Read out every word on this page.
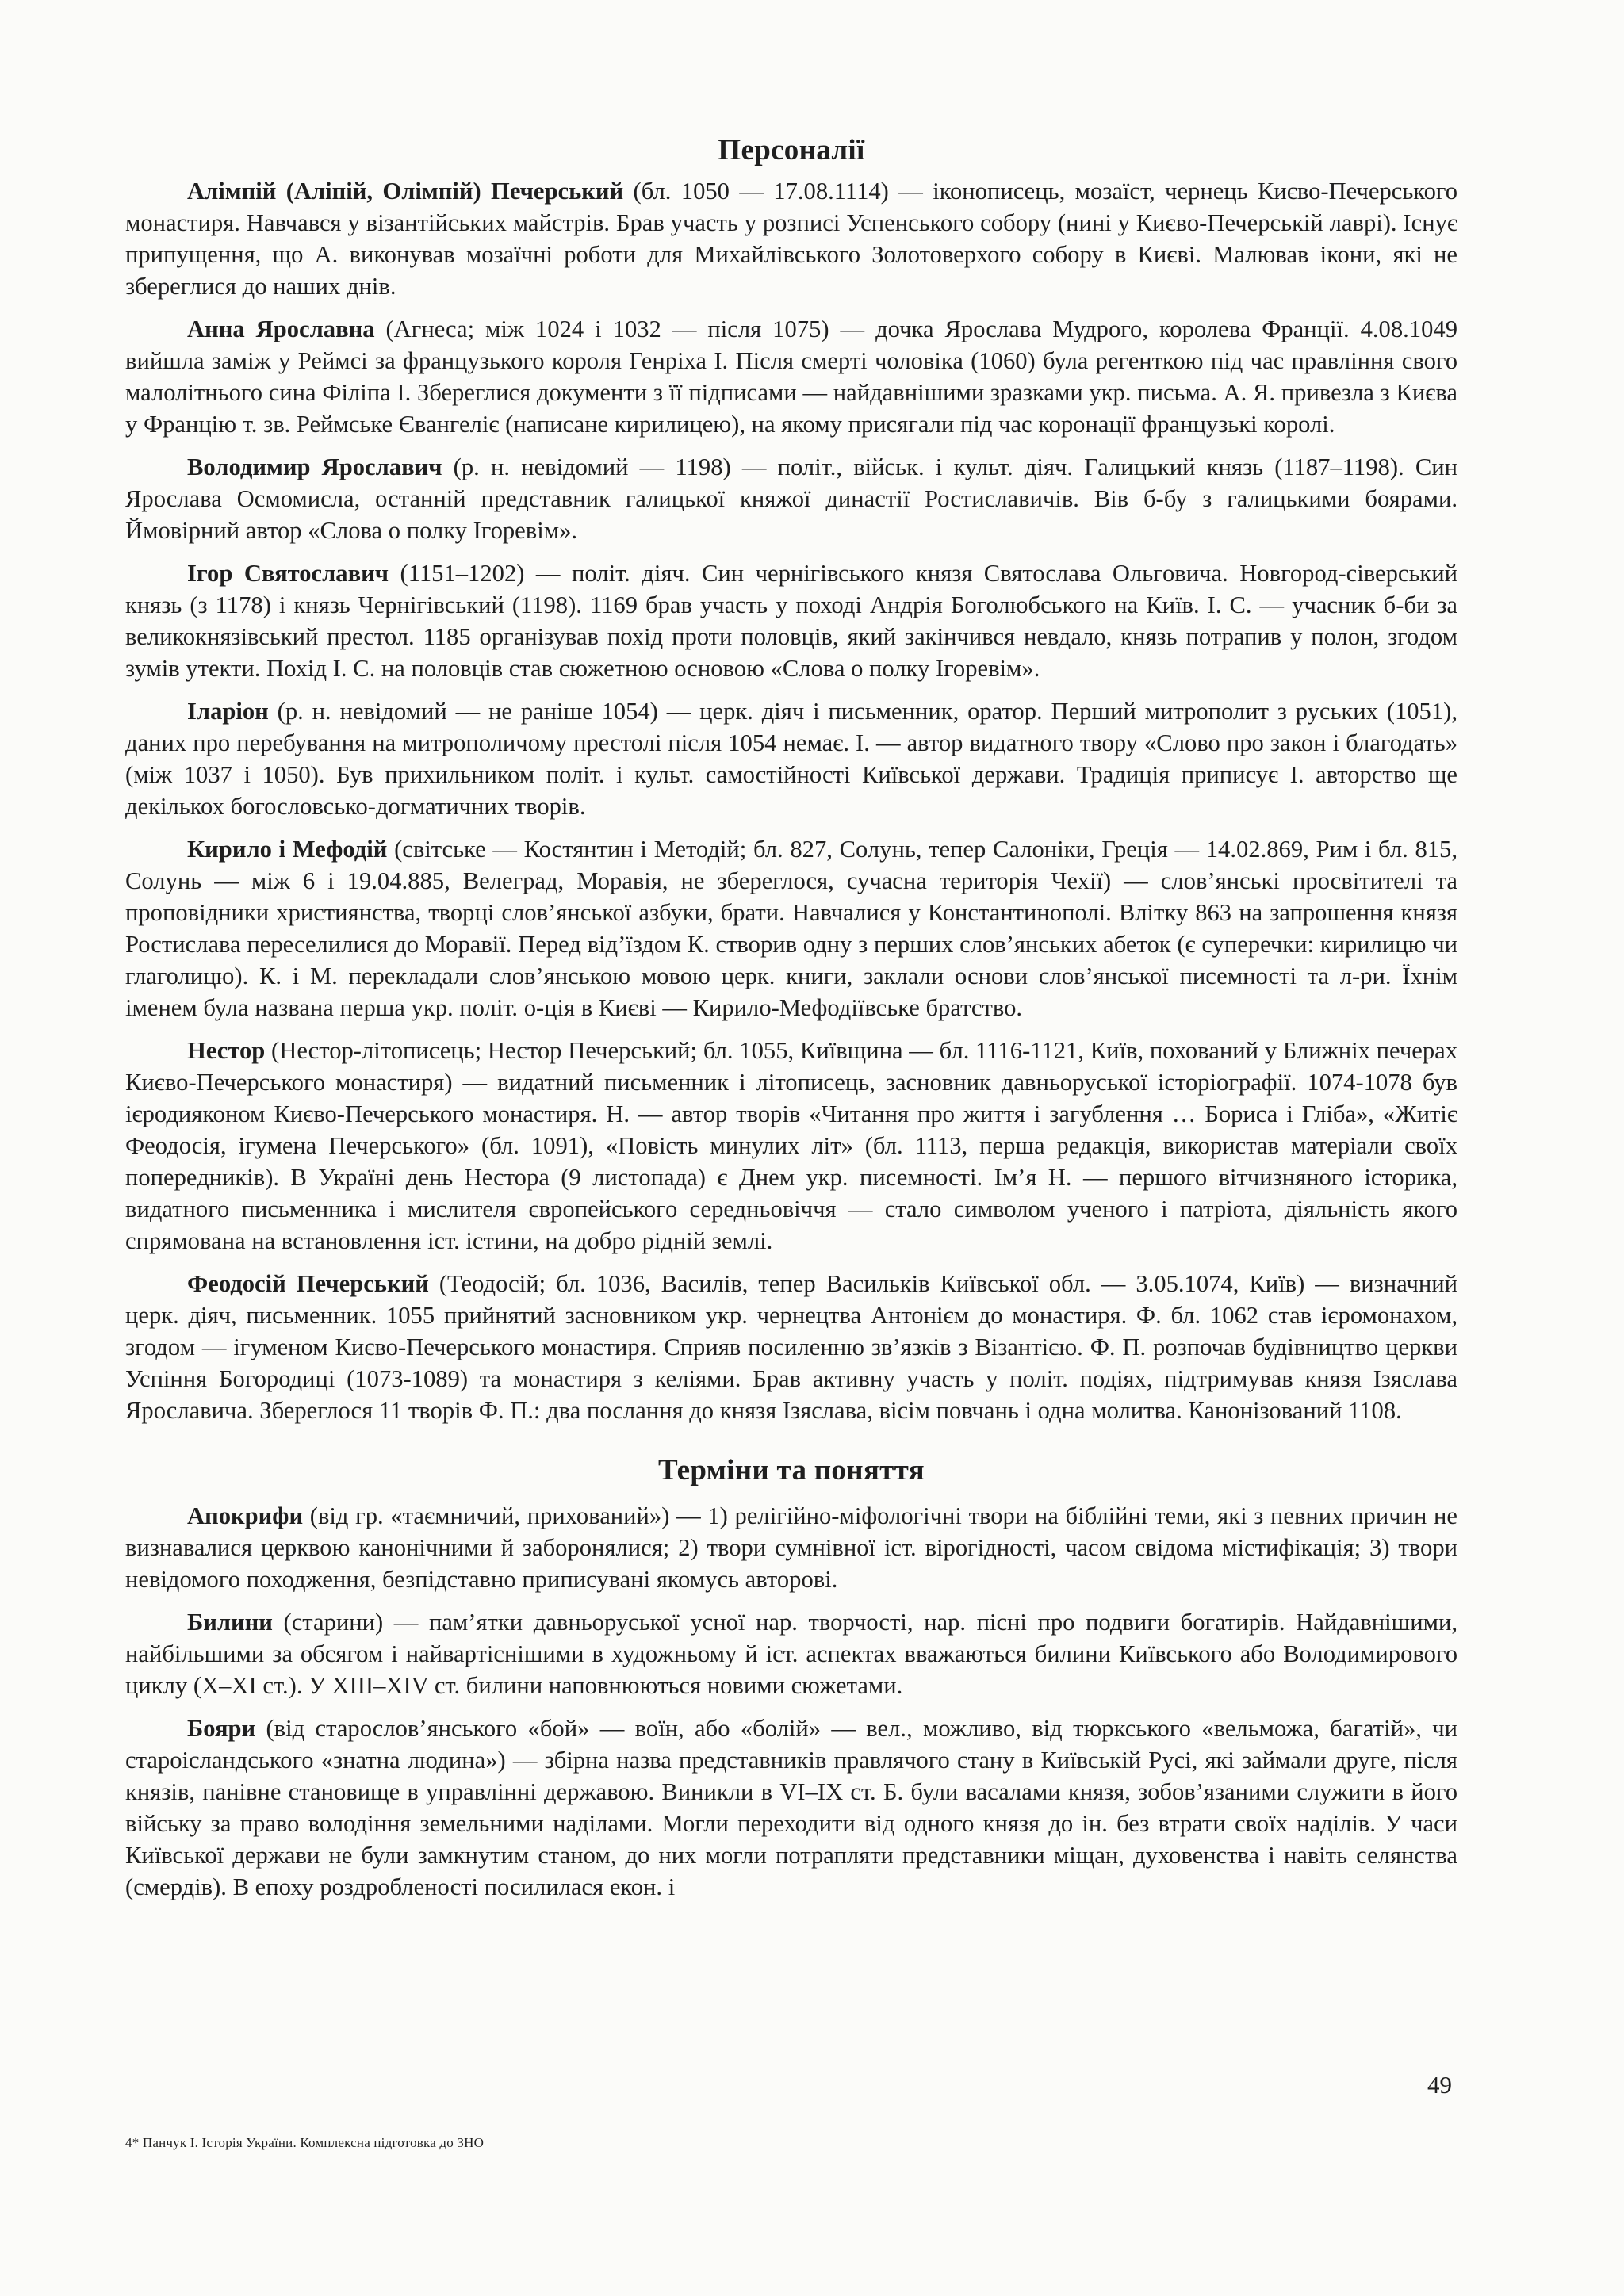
Персоналії

Алімпій (Аліпій, Олімпій) Печерський (бл. 1050 — 17.08.1114) — іконописець, мозаїст, чернець Києво-Печерського монастиря. Навчався у візантійських майстрів. Брав участь у розписі Успенського собору (нині у Києво-Печерській лаврі). Існує припущення, що А. виконував мозаїчні роботи для Михайлівського Золотоверхого собору в Києві. Малював ікони, які не збереглися до наших днів.

Анна Ярославна (Агнеса; між 1024 і 1032 — після 1075) — дочка Ярослава Мудрого, королева Франції. 4.08.1049 вийшла заміж у Реймсі за французького короля Генріха І. Після смерті чоловіка (1060) була регенткою під час правління свого малолітнього сина Філіпа І. Збереглися документи з її підписами — найдавнішими зразками укр. письма. А. Я. привезла з Києва у Францію т. зв. Реймське Євангеліє (написане кирилицею), на якому присягали під час коронації французькі королі.

Володимир Ярославич (р. н. невідомий — 1198) — політ., військ. і культ. діяч. Галицький князь (1187–1198). Син Ярослава Осмомисла, останній представник галицької княжої династії Ростиславичів. Вів б-бу з галицькими боярами. Ймовірний автор «Слова о полку Ігоревім».

Ігор Святославич (1151–1202) — політ. діяч. Син чернігівського князя Святослава Ольговича. Новгород-сіверський князь (з 1178) і князь Чернігівський (1198). 1169 брав участь у поході Андрія Боголюбського на Київ. І. С. — учасник б-би за великокнязівський престол. 1185 організував похід проти половців, який закінчився невдало, князь потрапив у полон, згодом зумів утекти. Похід І. С. на половців став сюжетною основою «Слова о полку Ігоревім».

Іларіон (р. н. невідомий — не раніше 1054) — церк. діяч і письменник, оратор. Перший митрополит з руських (1051), даних про перебування на митрополичому престолі після 1054 немає. І. — автор видатного твору «Слово про закон і благодать» (між 1037 і 1050). Був прихильником політ. і культ. самостійності Київської держави. Традиція приписує І. авторство ще декількох богословсько-догматичних творів.

Кирило і Мефодій (світське — Костянтин і Методій; бл. 827, Солунь, тепер Салоніки, Греція — 14.02.869, Рим і бл. 815, Солунь — між 6 і 19.04.885, Велеград, Моравія, не збереглося, сучасна територія Чехії) — слов’янські просвітителі та проповідники християнства, творці слов’янської азбуки, брати. Навчалися у Константинополі. Влітку 863 на запрошення князя Ростислава переселилися до Моравії. Перед від’їздом К. створив одну з перших слов’янських абеток (є суперечки: кирилицю чи глаголицю). К. і М. перекладали слов’янською мовою церк. книги, заклали основи слов’янської писемності та л-ри. Їхнім іменем була названа перша укр. політ. о-ція в Києві — Кирило-Мефодіївське братство.

Нестор (Нестор-літописець; Нестор Печерський; бл. 1055, Київщина — бл. 1116-1121, Київ, похований у Ближніх печерах Києво-Печерського монастиря) — видатний письменник і літописець, засновник давньоруської історіографії. 1074-1078 був ієродияконом Києво-Печерського монастиря. Н. — автор творів «Читання про життя і загублення … Бориса і Гліба», «Житіє Феодосія, ігумена Печерського» (бл. 1091), «Повість минулих літ» (бл. 1113, перша редакція, використав матеріали своїх попередників). В Україні день Нестора (9 листопада) є Днем укр. писемності. Ім’я Н. — першого вітчизняного історика, видатного письменника і мислителя європейського середньовіччя — стало символом ученого і патріота, діяльність якого спрямована на встановлення іст. істини, на добро рідній землі.

Феодосій Печерський (Теодосій; бл. 1036, Василів, тепер Васильків Київської обл. — 3.05.1074, Київ) — визначний церк. діяч, письменник. 1055 прийнятий засновником укр. чернецтва Антонієм до монастиря. Ф. бл. 1062 став ієромонахом, згодом — ігуменом Києво-Печерського монастиря. Сприяв посиленню зв’язків з Візантією. Ф. П. розпочав будівництво церкви Успіння Богородиці (1073-1089) та монастиря з келіями. Брав активну участь у політ. подіях, підтримував князя Ізяслава Ярославича. Збереглося 11 творів Ф. П.: два послання до князя Ізяслава, вісім повчань і одна молитва. Канонізований 1108.

Терміни та поняття

Апокрифи (від гр. «таємничий, прихований») — 1) релігійно-міфологічні твори на біблійні теми, які з певних причин не визнавалися церквою канонічними й заборонялися; 2) твори сумнівної іст. вірогідності, часом свідома містифікація; 3) твори невідомого походження, безпідставно приписувані якомусь авторові.

Билини (старини) — пам’ятки давньоруської усної нар. творчості, нар. пісні про подвиги богатирів. Найдавнішими, найбільшими за обсягом і найвартіснішими в художньому й іст. аспектах вважаються билини Київського або Володимирового циклу (X–XI ст.). У XIII–XIV ст. билини наповнюються новими сюжетами.

Бояри (від старослов’янського «бой» — воїн, або «болій» — вел., можливо, від тюркського «вельможа, багатій», чи староісландського «знатна людина») — збірна назва представників правлячого стану в Київській Русі, які займали друге, після князів, панівне становище в управлінні державою. Виникли в VI–IX ст. Б. були васалами князя, зобов’язаними служити в його війську за право володіння земельними наділами. Могли переходити від одного князя до ін. без втрати своїх наділів. У часи Київської держави не були замкнутим станом, до них могли потрапляти представники міщан, духовенства і навіть селянства (смердів). В епоху роздробленості посилилася екон. і

49
4* Панчук І. Історія України. Комплексна підготовка до ЗНО
